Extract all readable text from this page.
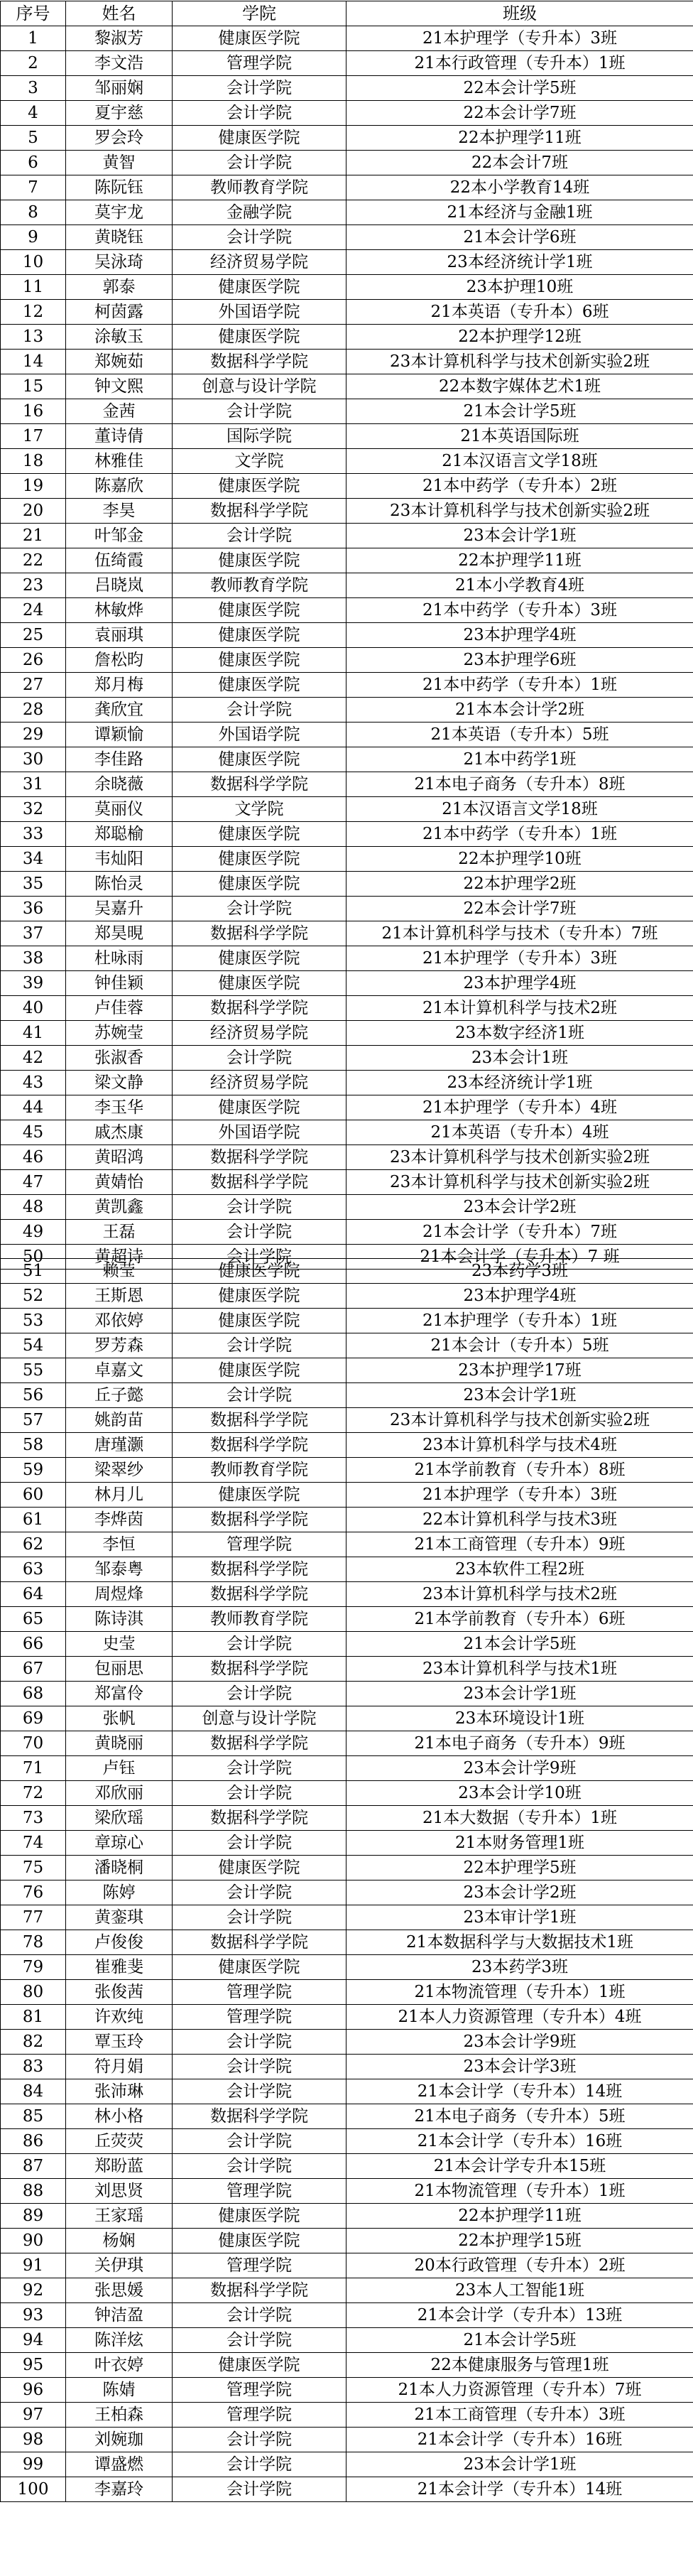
序号	姓名	学院	班级
1	黎淑芳	健康医学院	21本护理学（专升本）3班
2	李文浩	管理学院	21本行政管理（专升本）1班
3	邹丽娴	会计学院	22本会计学5班
4	夏宇慈	会计学院	22本会计学7班
5	罗会玲	健康医学院	22本护理学11班
6	黄智	会计学院	22本会计7班
7	陈阮钰	教师教育学院	22本小学教育14班
8	莫宇龙	金融学院	21本经济与金融1班
9	黄晓钰	会计学院	21本会计学6班
10	吴泳琦	经济贸易学院	23本经济统计学1班
11	郭泰	健康医学院	23本护理10班
12	柯茵露	外国语学院	21本英语（专升本）6班
13	涂敏玉	健康医学院	22本护理学12班
14	郑婉茹	数据科学学院	23本计算机科学与技术创新实验2班
15	钟文熙	创意与设计学院	22本数字媒体艺术1班
16	金茜	会计学院	21本会计学5班
17	董诗倩	国际学院	21本英语国际班
18	林雅佳	文学院	21本汉语言文学18班
19	陈嘉欣	健康医学院	21本中药学（专升本）2班
20	李昊	数据科学学院	23本计算机科学与技术创新实验2班
21	叶邹金	会计学院	23本会计学1班
22	伍绮霞	健康医学院	22本护理学11班
23	吕晓岚	教师教育学院	21本小学教育4班
24	林敏烨	健康医学院	21本中药学（专升本）3班
25	袁丽琪	健康医学院	23本护理学4班
26	詹松昀	健康医学院	23本护理学6班
27	郑月梅	健康医学院	21本中药学（专升本）1班
28	龚欣宜	会计学院	21本本会计学2班
29	谭颖愉	外国语学院	21本英语（专升本）5班
30	李佳路	健康医学院	21本中药学1班
31	余晓薇	数据科学学院	21本电子商务（专升本）8班
32	莫丽仪	文学院	21本汉语言文学18班
33	郑聪榆	健康医学院	21本中药学（专升本）1班
34	韦灿阳	健康医学院	22本护理学10班
35	陈怡灵	健康医学院	22本护理学2班
36	吴嘉升	会计学院	22本会计学7班
37	郑昊晛	数据科学学院	21本计算机科学与技术（专升本）7班
38	杜咏雨	健康医学院	21本护理学（专升本）3班
39	钟佳颖	健康医学院	23本护理学4班
40	卢佳蓉	数据科学学院	21本计算机科学与技术2班
41	苏婉莹	经济贸易学院	23本数字经济1班
42	张淑香	会计学院	23本会计1班
43	梁文静	经济贸易学院	23本经济统计学1班
44	李玉华	健康医学院	21本护理学（专升本）4班
45	戚杰康	外国语学院	21本英语（专升本）4班
46	黄昭鸿	数据科学学院	23本计算机科学与技术创新实验2班
47	黄婧怡	数据科学学院	23本计算机科学与技术创新实验2班
48	黄凯鑫	会计学院	23本会计学2班
49	王磊	会计学院	21本会计学（专升本）7班
50	黄超诗	会计学院	21本会计学（专升本）7 班
51	赖莹	健康医学院	23本药学3班
52	王斯恩	健康医学院	23本护理学4班
53	邓依婷	健康医学院	21本护理学（专升本）1班
54	罗芳森	会计学院	21本会计（专升本）5班
55	卓嘉文	健康医学院	23本护理学17班
56	丘子懿	会计学院	23本会计学1班
57	姚韵苗	数据科学学院	23本计算机科学与技术创新实验2班
58	唐瑾灏	数据科学学院	23本计算机科学与技术4班
59	梁翠纱	教师教育学院	21本学前教育（专升本）8班
60	林月儿	健康医学院	21本护理学（专升本）3班
61	李烨茵	数据科学学院	22本计算机科学与技术3班
62	李恒	管理学院	21本工商管理（专升本）9班
63	邹泰粤	数据科学学院	23本软件工程2班
64	周煜烽	数据科学学院	23本计算机科学与技术2班
65	陈诗淇	教师教育学院	21本学前教育（专升本）6班
66	史莹	会计学院	21本会计学5班
67	包丽思	数据科学学院	23本计算机科学与技术1班
68	郑富伶	会计学院	23本会计学1班
69	张帆	创意与设计学院	23本环境设计1班
70	黄晓丽	数据科学学院	21本电子商务（专升本）9班
71	卢钰	会计学院	23本会计学9班
72	邓欣丽	会计学院	23本会计学10班
73	梁欣瑶	数据科学学院	21本大数据（专升本）1班
74	章琼心	会计学院	21本财务管理1班
75	潘晓桐	健康医学院	22本护理学5班
76	陈婷	会计学院	23本会计学2班
77	黄銮琪	会计学院	23本审计学1班
78	卢俊俊	数据科学学院	21本数据科学与大数据技术1班
79	崔雅斐	健康医学院	23本药学3班
80	张俊茜	管理学院	21本物流管理（专升本）1班
81	许欢纯	管理学院	21本人力资源管理（专升本）4班
82	覃玉玲	会计学院	23本会计学9班
83	符月娟	会计学院	23本会计学3班
84	张沛琳	会计学院	21本会计学（专升本）14班
85	林小格	数据科学学院	21本电子商务（专升本）5班
86	丘荧荧	会计学院	21本会计学（专升本）16班
87	郑盼蓝	会计学院	21本会计学专升本15班
88	刘思贤	管理学院	21本物流管理（专升本）1班
89	王家瑶	健康医学院	22本护理学11班
90	杨娴	健康医学院	22本护理学15班
91	关伊琪	管理学院	20本行政管理（专升本）2班
92	张思媛	数据科学学院	23本人工智能1班
93	钟洁盈	会计学院	21本会计学（专升本）13班
94	陈洋炫	会计学院	21本会计学5班
95	叶衣婷	健康医学院	22本健康服务与管理1班
96	陈婧	管理学院	21本人力资源管理（专升本）7班
97	王柏森	管理学院	21本工商管理（专升本）3班
98	刘婉珈	会计学院	21本会计学（专升本）16班
99	谭盛燃	会计学院	23本会计学1班
100	李嘉玲	会计学院	21本会计学（专升本）14班
